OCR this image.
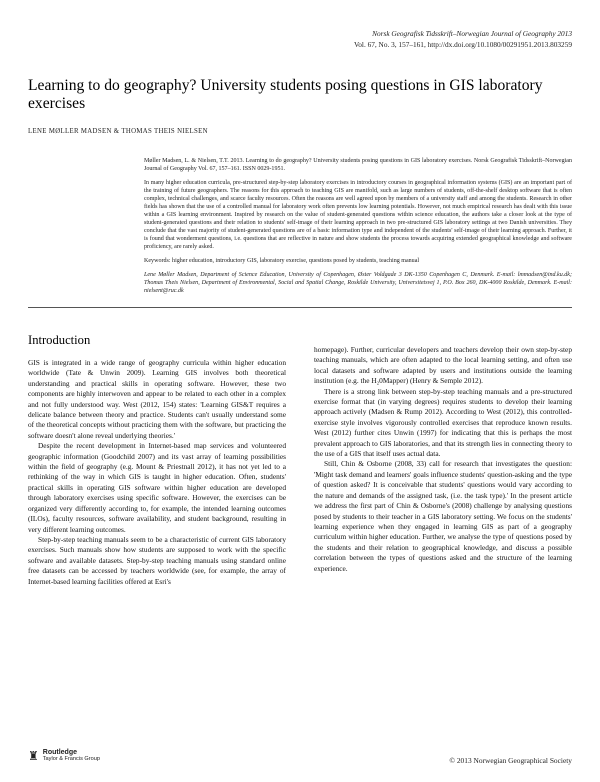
Norsk Geografisk Tidsskrift–Norwegian Journal of Geography 2013
Vol. 67, No. 3, 157–161, http://dx.doi.org/10.1080/00291951.2013.803259
Learning to do geography? University students posing questions in GIS laboratory exercises
LENE MØLLER MADSEN & THOMAS THEIS NIELSEN

Møller Madsen, L. & Nielsen, T.T. 2013. Learning to do geography? University students posing questions in GIS laboratory exercises. Norsk Geografisk Tidsskrift–Norwegian Journal of Geography Vol. 67, 157–161. ISSN 0029-1951.

In many higher education curricula, pre-structured step-by-step laboratory exercises in introductory courses in geographical information systems (GIS) are an important part of the training of future geographers. The reasons for this approach to teaching GIS are manifold, such as large numbers of students, off-the-shelf desktop software that is often complex, technical challenges, and scarce faculty resources. Often the reasons are well agreed upon by members of a university staff and among the students. Research in other fields has shown that the use of a controlled manual for laboratory work often prevents low learning potentials. However, not much empirical research has dealt with this issue within a GIS learning environment. Inspired by research on the value of student-generated questions within science education, the authors take a closer look at the type of student-generated questions and their relation to students' self-image of their learning approach in two pre-structured GIS laboratory settings at two Danish universities. They conclude that the vast majority of student-generated questions are of a basic information type and independent of the students' self-image of their learning approach. Further, it is found that wonderment questions, i.e. questions that are reflective in nature and show students the process towards acquiring extended geographical knowledge and software proficiency, are rarely asked.

Keywords: higher education, introductory GIS, laboratory exercise, questions posed by students, teaching manual

Lene Møller Madsen, Department of Science Education, University of Copenhagen, Øster Voldgade 3 DK-1350 Copenhagen C, Denmark. E-mail: lmmadsen@ind.ku.dk; Thomas Theis Nielsen, Department of Environmental, Social and Spatial Change, Roskilde University, Universitetsvej 1, P.O. Box 260, DK-4000 Roskilde, Denmark. E-mail: nielsent@ruc.dk

Introduction

GIS is integrated in a wide range of geography curricula within higher education worldwide (Tate & Unwin 2009). Learning GIS involves both theoretical understanding and practical skills in operating software. However, these two components are highly interwoven and appear to be related to each other in a complex and not fully understood way. West (2012, 154) states: 'Learning GIS&T requires a delicate balance between theory and practice. Students can't usually understand some of the theoretical concepts without practicing them with the software, but practicing the software doesn't alone reveal underlying theories.'

Despite the recent development in Internet-based map services and volunteered geographic information (Goodchild 2007) and its vast array of learning possibilities within the field of geography (e.g. Mount & Priestnall 2012), it has not yet led to a rethinking of the way in which GIS is taught in higher education. Often, students' practical skills in operating GIS software within higher education are developed through laboratory exercises using specific software. However, the exercises can be organized very differently according to, for example, the intended learning outcomes (ILOs), faculty resources, software availability, and student background, resulting in very different learning outcomes.

Step-by-step teaching manuals seem to be a characteristic of current GIS laboratory exercises. Such manuals show how students are supposed to work with the specific software and available datasets. Step-by-step teaching manuals using standard online free datasets can be accessed by teachers worldwide (see, for example, the array of Internet-based learning facilities offered at Esri's

homepage). Further, curricular developers and teachers develop their own step-by-step teaching manuals, which are often adapted to the local learning setting, and often use local datasets and software adapted by users and institutions outside the learning institution (e.g. the H₂0Mapper) (Henry & Semple 2012).

There is a strong link between step-by-step teaching manuals and a pre-structured exercise format that (in varying degrees) requires students to develop their learning approach actively (Madsen & Rump 2012). According to West (2012), this controlled-exercise style involves vigorously controlled exercises that reproduce known results. West (2012) further cites Unwin (1997) for indicating that this is perhaps the most prevalent approach to GIS laboratories, and that its strength lies in connecting theory to the use of a GIS that itself uses actual data.

Still, Chin & Osborne (2008, 33) call for research that investigates the question: 'Might task demand and learners' goals influence students' question-asking and the type of question asked? It is conceivable that students' questions would vary according to the nature and demands of the assigned task, (i.e. the task type).' In the present article we address the first part of Chin & Osborne's (2008) challenge by analysing questions posed by students to their teacher in a GIS laboratory setting. We focus on the students' learning experience when they engaged in learning GIS as part of a geography curriculum within higher education. Further, we analyse the type of questions posed by the students and their relation to geographical knowledge, and discuss a possible correlation between the types of questions asked and the structure of the learning experience.

♜ Routledge
Taylor & Francis Group	© 2013 Norwegian Geographical Society
